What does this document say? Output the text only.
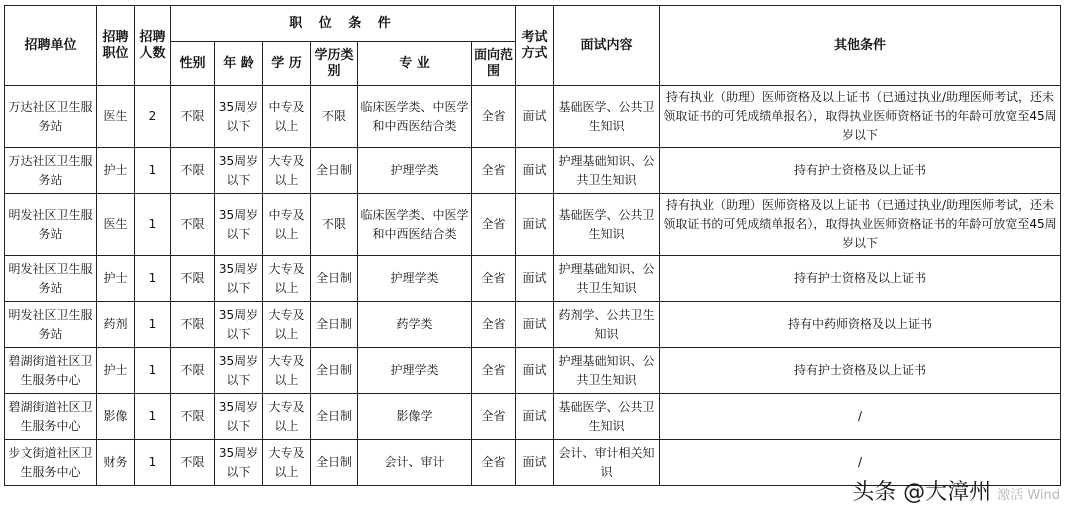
招聘单位	招聘职位	招聘人数	职 位 条 件						考试方式	面试内容	其他条件
			性别	年 龄	学 历	学历类别	专 业	面向范围			
万达社区卫生服务站	医生	2	不限	35周岁以下	中专及以上	不限	临床医学类、中医学和中西医结合类	全省	面试	基础医学、公共卫生知识	持有执业（助理）医师资格及以上证书（已通过执业/助理医师考试，还未领取证书的可凭成绩单报名），取得执业医师资格证书的年龄可放宽至45周岁以下
万达社区卫生服务站	护士	1	不限	35周岁以下	大专及以上	全日制	护理学类	全省	面试	护理基础知识、公共卫生知识	持有护士资格及以上证书
明发社区卫生服务站	医生	1	不限	35周岁以下	中专及以上	不限	临床医学类、中医学和中西医结合类	全省	面试	基础医学、公共卫生知识	持有执业（助理）医师资格及以上证书（已通过执业/助理医师考试，还未领取证书的可凭成绩单报名），取得执业医师资格证书的年龄可放宽至45周岁以下
明发社区卫生服务站	护士	1	不限	35周岁以下	大专及以上	全日制	护理学类	全省	面试	护理基础知识、公共卫生知识	持有护士资格及以上证书
明发社区卫生服务站	药剂	1	不限	35周岁以下	大专及以上	全日制	药学类	全省	面试	药剂学、公共卫生知识	持有中药师资格及以上证书
碧湖街道社区卫生服务中心	护士	1	不限	35周岁以下	大专及以上	全日制	护理学类	全省	面试	护理基础知识、公共卫生知识	持有护士资格及以上证书
碧湖街道社区卫生服务中心	影像	1	不限	35周岁以下	大专及以上	全日制	影像学	全省	面试	基础医学、公共卫生知识	/
步文街道社区卫生服务中心	财务	1	不限	35周岁以下	大专及以上	全日制	会计、审计	全省	面试	会计、审计相关知识	/
头条 @大漳州 激活 Wind
